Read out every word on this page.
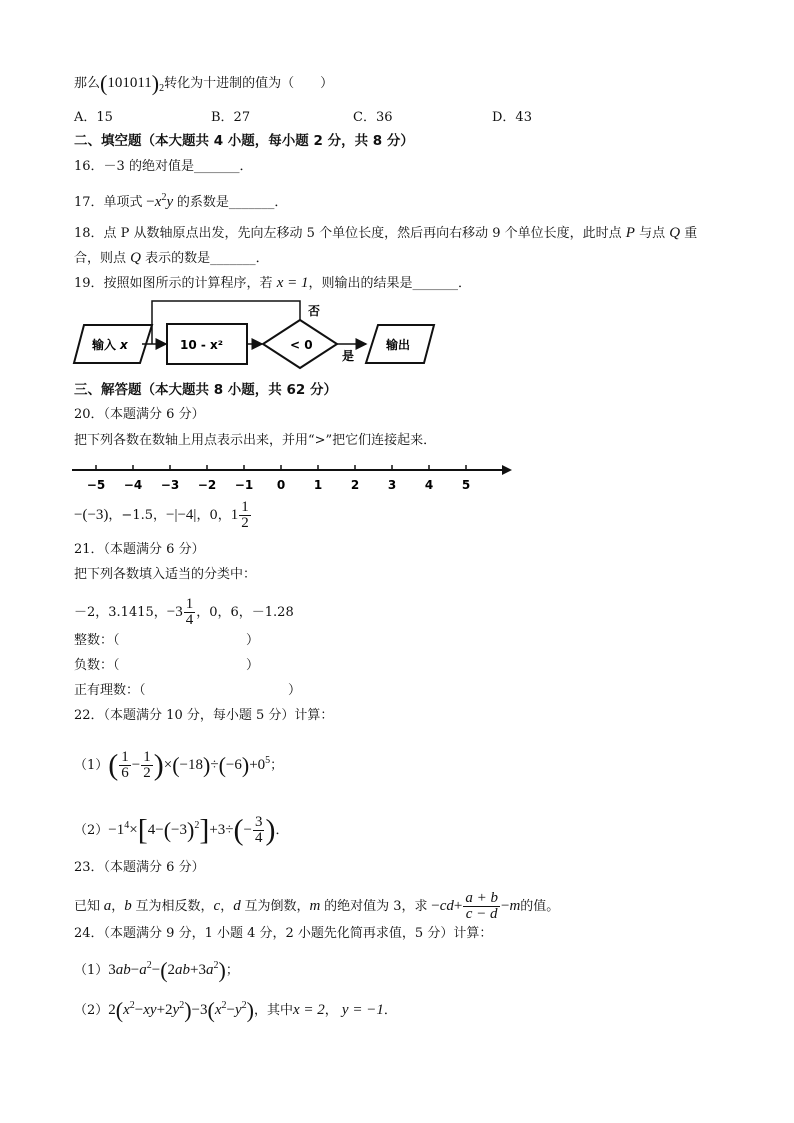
那么$(101011)_2$转化为十进制的值为（　　）
A．15	B．27	C．36	D．43
二、填空题（本大题共 4 小题，每小题 2 分，共 8 分）
16．－3 的绝对值是_______．
17．单项式 $-x^2y$ 的系数是_______．
18．点 P 从数轴原点出发，先向左移动 5 个单位长度，然后再向右移动 9 个单位长度，此时点 P 与点 Q 重
合，则点 Q 表示的数是_______．
19．按照如图所示的计算程序，若 x = 1，则输出的结果是_______．
输入 x	10 - x²	< 0
否
是
输出
三、解答题（本大题共 8 小题，共 62 分）
20．（本题满分 6 分）
把下列各数在数轴上用点表示出来，并用“>”把它们连接起来．
−5 −4 −3 −2 −1 0 1 2 3 4 5
−(−3)，−1.5，−|−4|，0，$1 \frac{1}{2}$
21．（本题满分 6 分）
把下列各数填入适当的分类中：
－2，3.1415，$-3 \frac{1}{4}$ ，0，6，－1.28
整数：（	）
负数：（	）
正有理数：（	）
22．（本题满分 10 分，每小题 5 分）计算：
$(1)( \frac{1}{6} - \frac{1}{2} )\times(-18)\div(-6)+0^5$；
$(2)-1^4\times[4-(-3)^2]+3\div(- \frac{3}{4}$ )．
23．（本题满分 6 分）
已知 a，b 互为相反数，c，d 互为倒数，m 的绝对值为 3，求 $-cd+ \frac{a + b}{c - d} -m$的值。
24．（本题满分 9 分，1 小题 4 分，2 小题先化简再求值，5 分）计算：
$(1)3ab-a^2-(2ab+3a^2)$；
$(2)2(x^2-xy+2y^2)-3(x^2-y^2)$，其中x = 2， y = −1．
